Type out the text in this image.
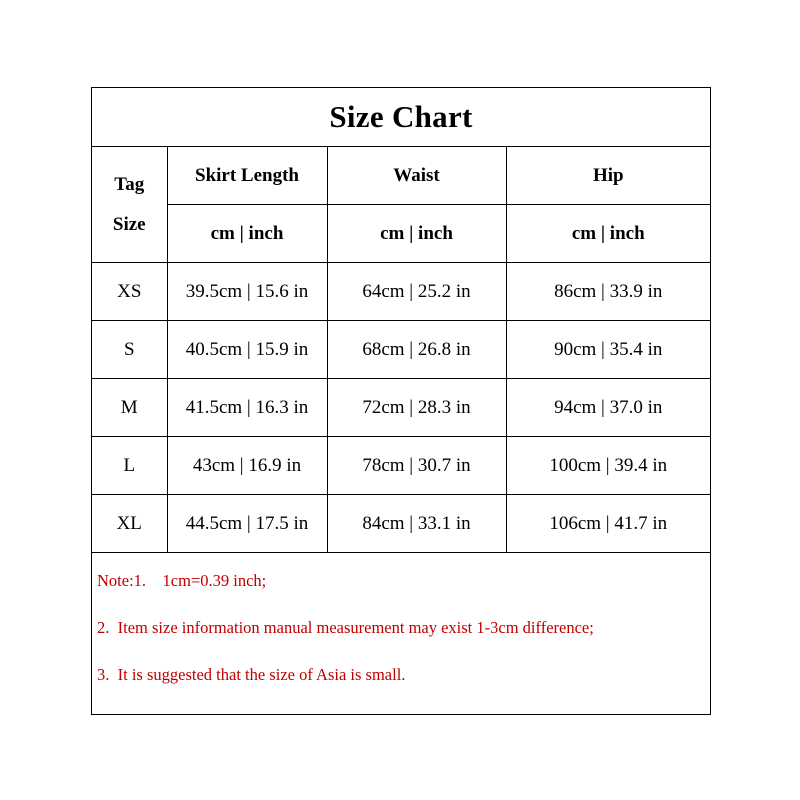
Size Chart
Tag
Size	Skirt Length	Waist	Hip
	cm | inch	cm | inch	cm | inch
XS	39.5cm | 15.6 in	64cm | 25.2 in	86cm | 33.9 in
S	40.5cm | 15.9 in	68cm | 26.8 in	90cm | 35.4 in
M	41.5cm | 16.3 in	72cm | 28.3 in	94cm | 37.0 in
L	43cm | 16.9 in	78cm | 30.7 in	100cm | 39.4 in
XL	44.5cm | 17.5 in	84cm | 33.1 in	106cm | 41.7 in
Note:1.    1cm=0.39 inch;
2.  Item size information manual measurement may exist 1-3cm difference;
3.  It is suggested that the size of Asia is small.
